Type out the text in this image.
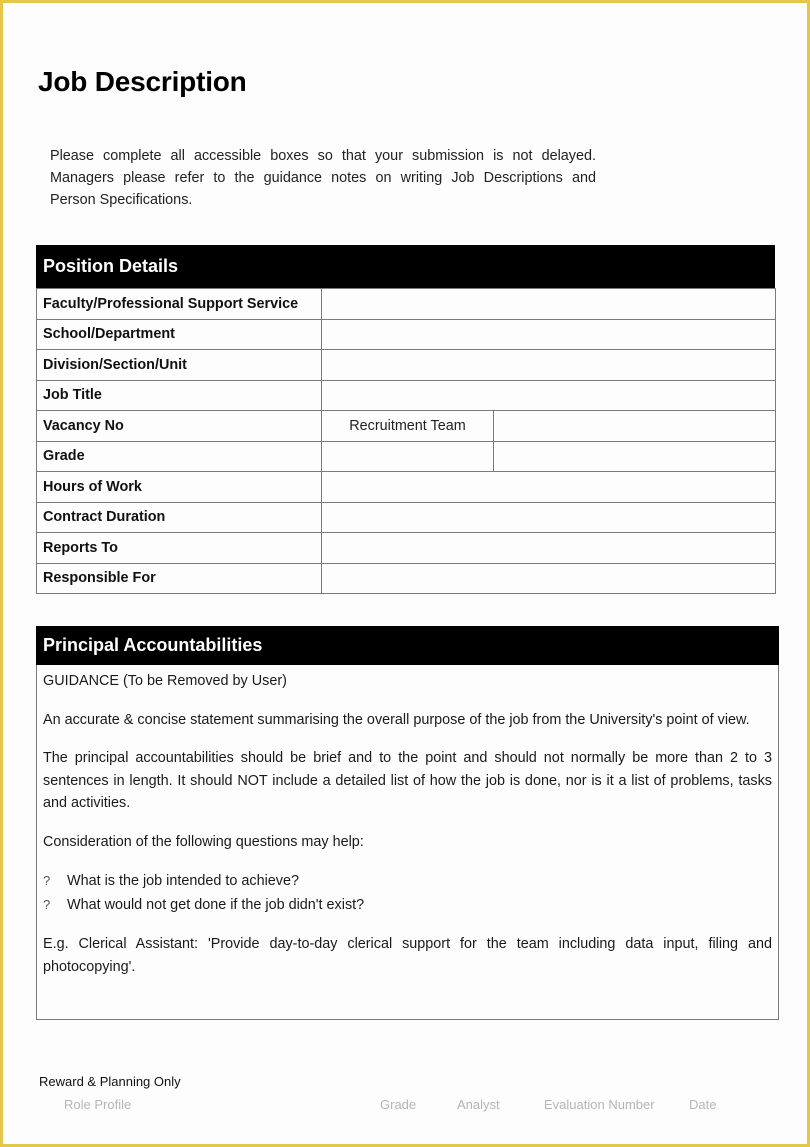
Job Description
Please complete all accessible boxes so that your submission is not delayed.
Managers please refer to the guidance notes on writing Job Descriptions and
Person Specifications.
Position Details
Faculty/Professional Support Service		
School/Department		
Division/Section/Unit		
Job Title		
Vacancy No	Recruitment Team	
Grade		
Hours of Work		
Contract Duration		
Reports To		
Responsible For		
Principal Accountabilities

GUIDANCE (To be Removed by User)

An accurate & concise statement summarising the overall purpose of the job from the University's point of view.

The principal accountabilities should be brief and to the point and should not normally be more than 2 to 3 sentences in length. It should NOT include a detailed list of how the job is done, nor is it a list of problems, tasks and activities.

Consideration of the following questions may help:

?	What is the job intended to achieve?
?	What would not get done if the job didn't exist?

E.g. Clerical Assistant: 'Provide day-to-day clerical support for the team including data input, filing and photocopying'.

Reward & Planning Only
Role Profile	Grade	Analyst	Evaluation Number	Date
